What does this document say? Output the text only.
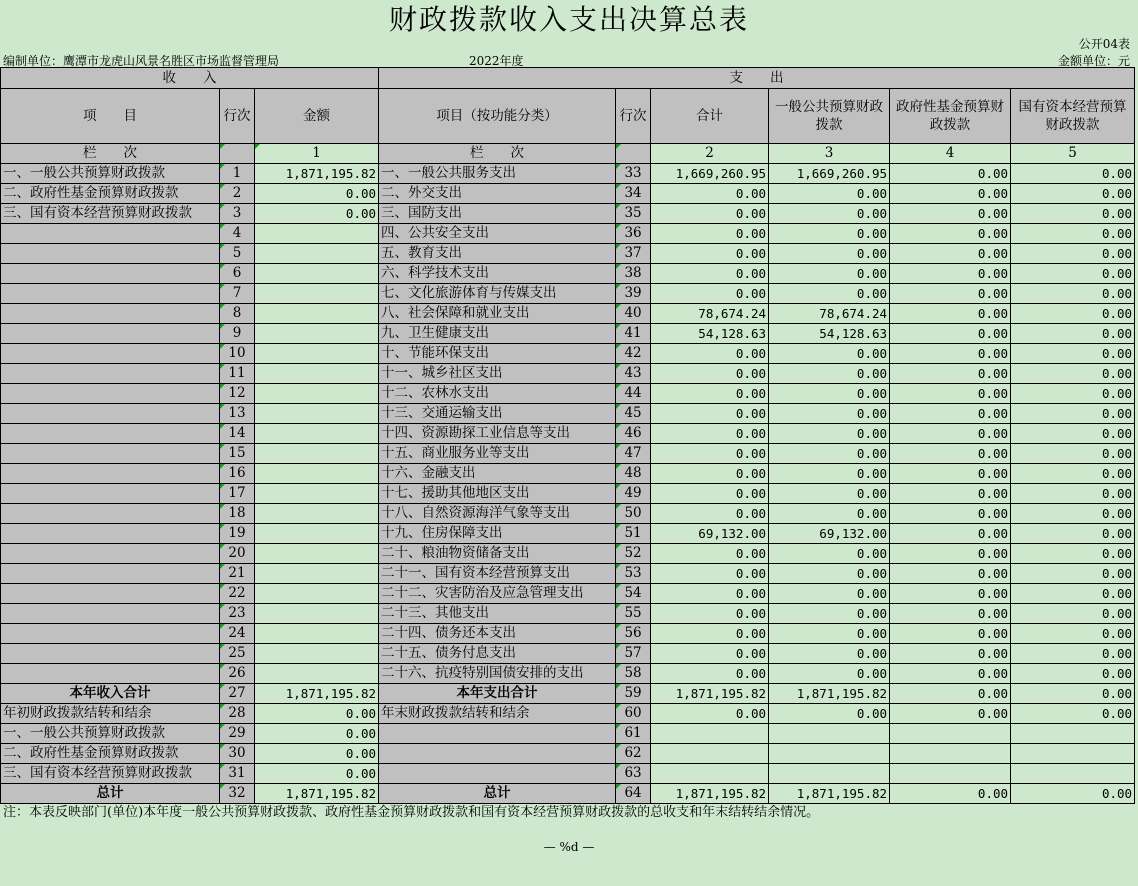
财政拨款收入支出决算总表
公开04表
编制单位：鹰潭市龙虎山风景名胜区市场监督管理局	2022年度	金额单位：元
收　　入			支　　出					
项　　目	行次	金额	项目（按功能分类）	行次	合计	一般公共预算财政拨款	政府性基金预算财政拨款	国有资本经营预算财政拨款
栏　　次		1	栏　　次		2	3	4	5
一、一般公共预算财政拨款	1	1,871,195.82	一、一般公共服务支出	33	1,669,260.95	1,669,260.95	0.00	0.00
二、政府性基金预算财政拨款	2	0.00	二、外交支出	34	0.00	0.00	0.00	0.00
三、国有资本经营预算财政拨款	3	0.00	三、国防支出	35	0.00	0.00	0.00	0.00
	4		四、公共安全支出	36	0.00	0.00	0.00	0.00
	5		五、教育支出	37	0.00	0.00	0.00	0.00
	6		六、科学技术支出	38	0.00	0.00	0.00	0.00
	7		七、文化旅游体育与传媒支出	39	0.00	0.00	0.00	0.00
	8		八、社会保障和就业支出	40	78,674.24	78,674.24	0.00	0.00
	9		九、卫生健康支出	41	54,128.63	54,128.63	0.00	0.00
	10		十、节能环保支出	42	0.00	0.00	0.00	0.00
	11		十一、城乡社区支出	43	0.00	0.00	0.00	0.00
	12		十二、农林水支出	44	0.00	0.00	0.00	0.00
	13		十三、交通运输支出	45	0.00	0.00	0.00	0.00
	14		十四、资源勘探工业信息等支出	46	0.00	0.00	0.00	0.00
	15		十五、商业服务业等支出	47	0.00	0.00	0.00	0.00
	16		十六、金融支出	48	0.00	0.00	0.00	0.00
	17		十七、援助其他地区支出	49	0.00	0.00	0.00	0.00
	18		十八、自然资源海洋气象等支出	50	0.00	0.00	0.00	0.00
	19		十九、住房保障支出	51	69,132.00	69,132.00	0.00	0.00
	20		二十、粮油物资储备支出	52	0.00	0.00	0.00	0.00
	21		二十一、国有资本经营预算支出	53	0.00	0.00	0.00	0.00
	22		二十二、灾害防治及应急管理支出	54	0.00	0.00	0.00	0.00
	23		二十三、其他支出	55	0.00	0.00	0.00	0.00
	24		二十四、债务还本支出	56	0.00	0.00	0.00	0.00
	25		二十五、债务付息支出	57	0.00	0.00	0.00	0.00
	26		二十六、抗疫特别国债安排的支出	58	0.00	0.00	0.00	0.00
本年收入合计	27	1,871,195.82	本年支出合计	59	1,871,195.82	1,871,195.82	0.00	0.00
年初财政拨款结转和结余	28	0.00	年末财政拨款结转和结余	60	0.00	0.00	0.00	0.00
一、一般公共预算财政拨款	29	0.00		61				
二、政府性基金预算财政拨款	30	0.00		62				
三、国有资本经营预算财政拨款	31	0.00		63				
总计	32	1,871,195.82	总计	64	1,871,195.82	1,871,195.82	0.00	0.00
注：本表反映部门(单位)本年度一般公共预算财政拨款、政府性基金预算财政拨款和国有资本经营预算财政拨款的总收支和年末结转结余情况。
— %d —
